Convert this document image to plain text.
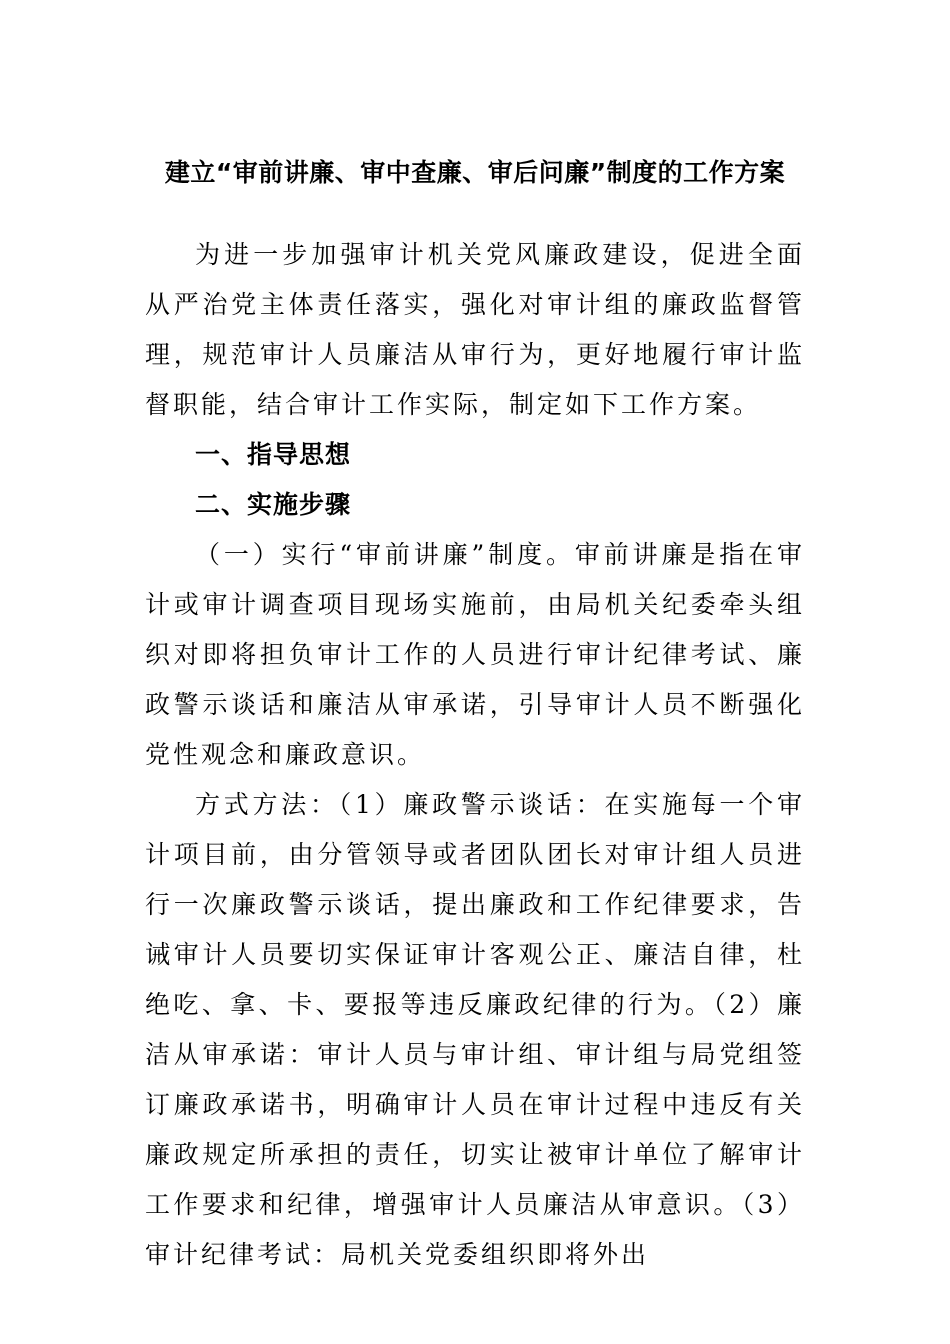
建立“审前讲廉、审中查廉、审后问廉”制度的工作方案

为进一步加强审计机关党风廉政建设，促进全面从严治党主体责任落实，强化对审计组的廉政监督管理，规范审计人员廉洁从审行为，更好地履行审计监督职能，结合审计工作实际，制定如下工作方案。

一、指导思想

二、实施步骤

（一）实行“审前讲廉”制度。审前讲廉是指在审计或审计调查项目现场实施前，由局机关纪委牵头组织对即将担负审计工作的人员进行审计纪律考试、廉政警示谈话和廉洁从审承诺，引导审计人员不断强化党性观念和廉政意识。

方式方法：（1）廉政警示谈话：在实施每一个审计项目前，由分管领导或者团队团长对审计组人员进行一次廉政警示谈话，提出廉政和工作纪律要求，告诫审计人员要切实保证审计客观公正、廉洁自律，杜绝吃、拿、卡、要报等违反廉政纪律的行为。（2）廉洁从审承诺：审计人员与审计组、审计组与局党组签订廉政承诺书，明确审计人员在审计过程中违反有关廉政规定所承担的责任，切实让被审计单位了解审计工作要求和纪律，增强审计人员廉洁从审意识。（3）审计纪律考试：局机关党委组织即将外出
